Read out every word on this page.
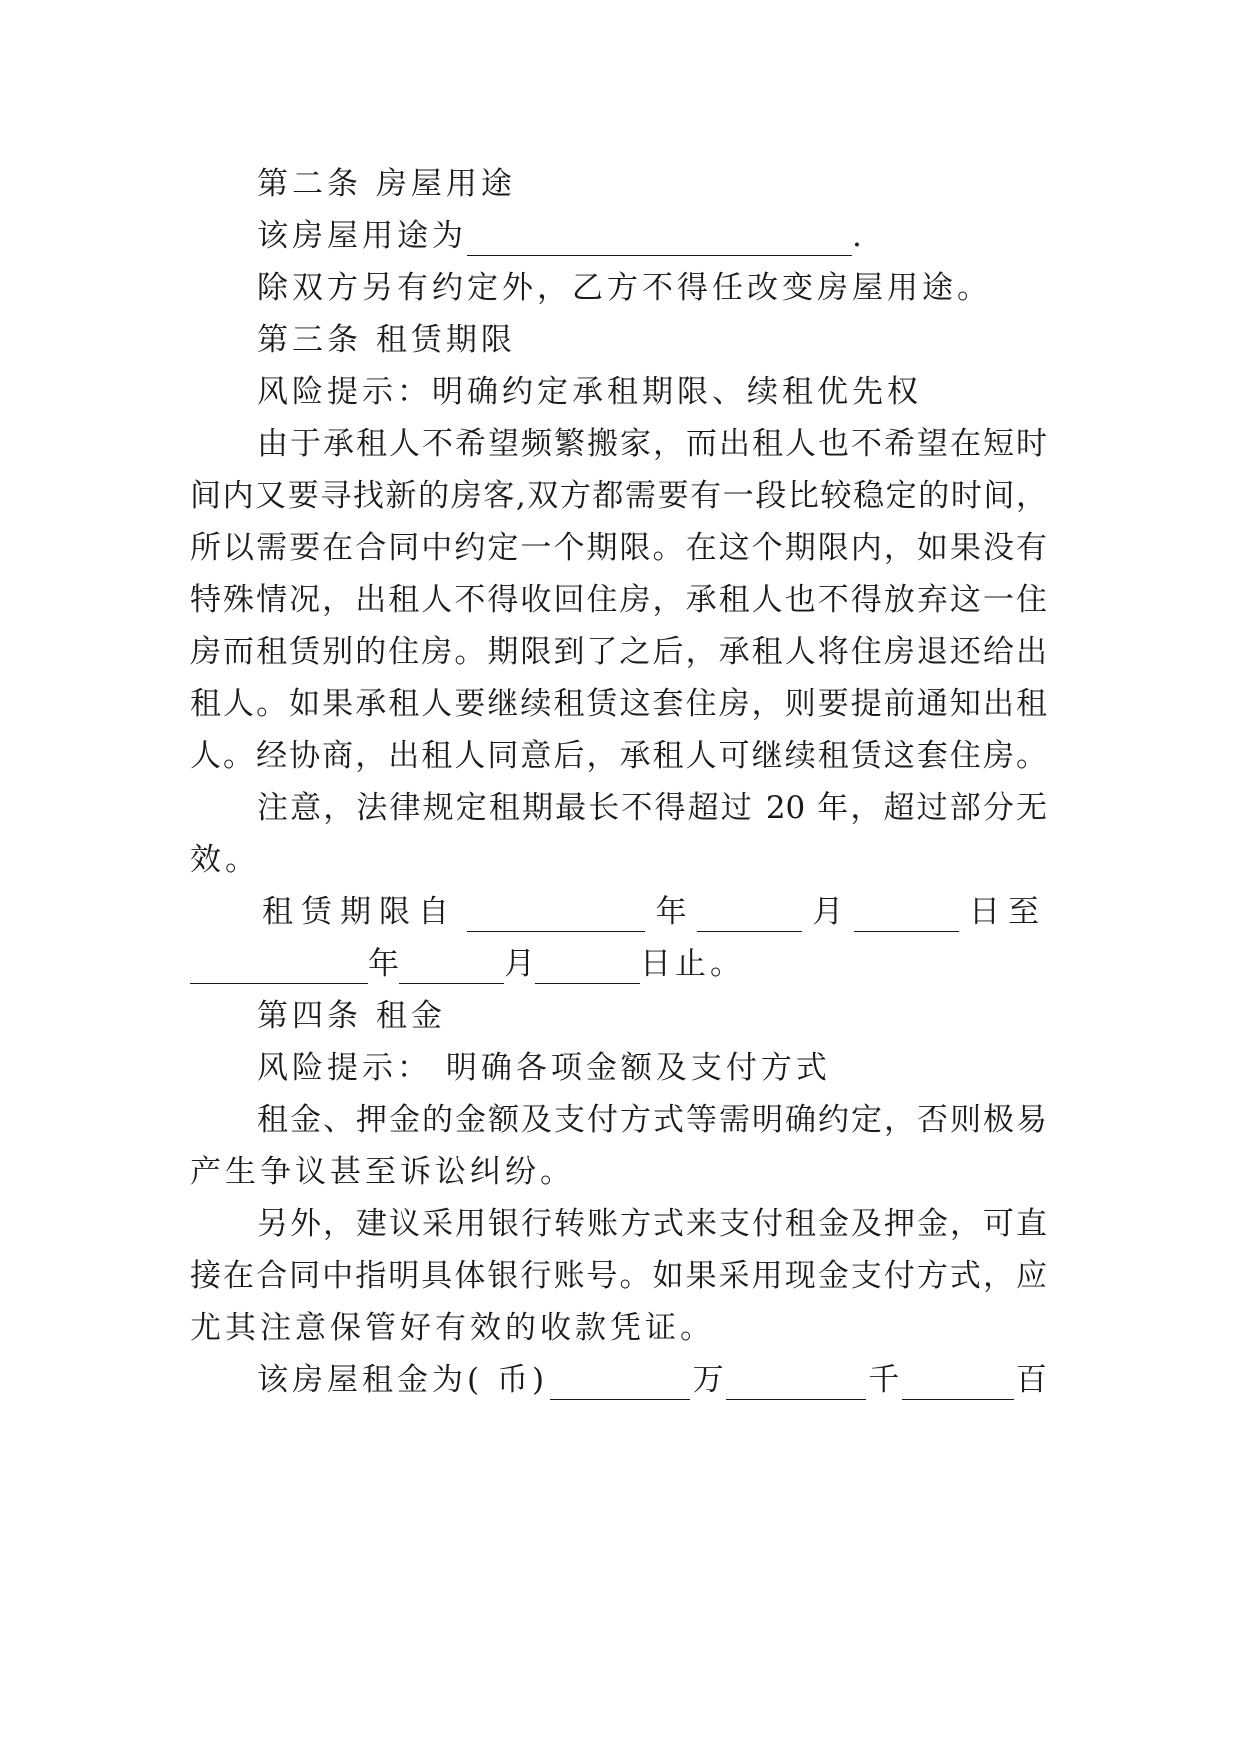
第二条 房屋用途
该房屋用途为	.
除双方另有约定外，乙方不得任改变房屋用途。
第三条 租赁期限
风险提示：明确约定承租期限、续租优先权
由于承租人不希望频繁搬家，而出租人也不希望在短时
间内又要寻找新的房客,双方都需要有一段比较稳定的时间，
所以需要在合同中约定一个期限。在这个期限内，如果没有
特殊情况，出租人不得收回住房，承租人也不得放弃这一住
房而租赁别的住房。期限到了之后，承租人将住房退还给出
租人。如果承租人要继续租赁这套住房，则要提前通知出租
人。经协商，出租人同意后，承租人可继续租赁这套住房。
注意，法律规定租期最长不得超过 20 年，超过部分无
效。
租赁期限自	年	月	日至
年	月	日止。
第四条 租金
风险提示： 明确各项金额及支付方式
租金、押金的金额及支付方式等需明确约定，否则极易
产生争议甚至诉讼纠纷。
另外，建议采用银行转账方式来支付租金及押金，可直
接在合同中指明具体银行账号。如果采用现金支付方式，应
尤其注意保管好有效的收款凭证。
该房屋租金为( 币)	万	千	百
